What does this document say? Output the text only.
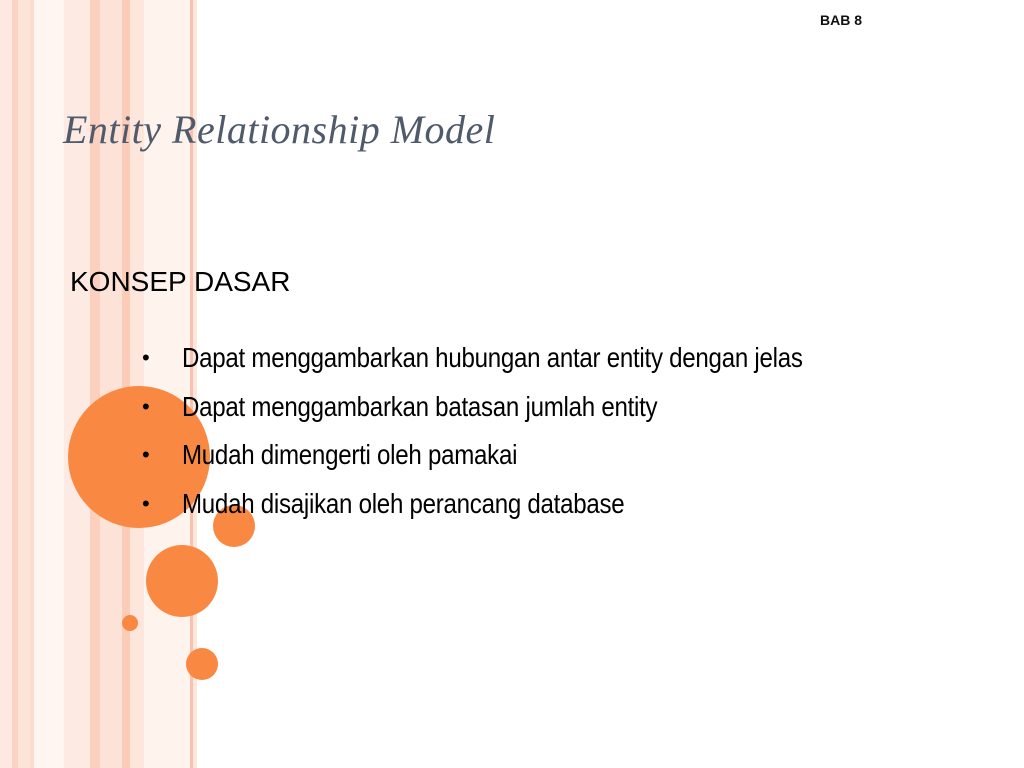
BAB 8
Entity Relationship Model
KONSEP DASAR
•	Dapat menggambarkan hubungan antar entity dengan jelas
•	Dapat menggambarkan batasan jumlah entity
•	Mudah dimengerti oleh pamakai
•	Mudah disajikan oleh perancang database
